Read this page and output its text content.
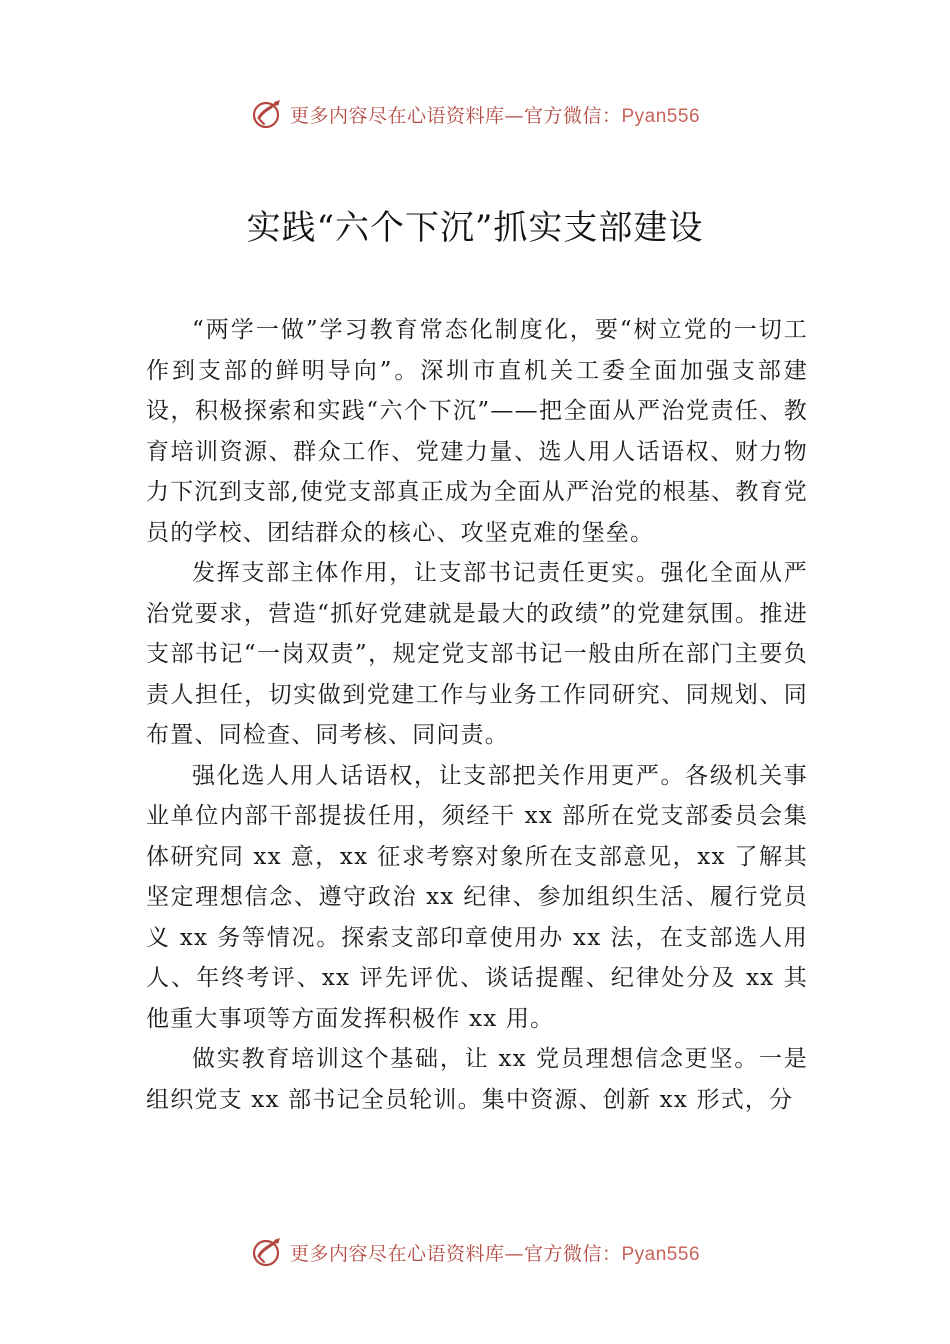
更多内容尽在心语资料库—官方微信：Pyan556
实践“六个下沉”抓实支部建设

“两学一做”学习教育常态化制度化，要“树立党的一切工作到支部的鲜明导向”。深圳市直机关工委全面加强支部建设，积极探索和实践“六个下沉”——把全面从严治党责任、教育培训资源、群众工作、党建力量、选人用人话语权、财力物力下沉到支部,使党支部真正成为全面从严治党的根基、教育党员的学校、团结群众的核心、攻坚克难的堡垒。

发挥支部主体作用，让支部书记责任更实。强化全面从严治党要求，营造“抓好党建就是最大的政绩”的党建氛围。推进支部书记“一岗双责”，规定党支部书记一般由所在部门主要负责人担任，切实做到党建工作与业务工作同研究、同规划、同布置、同检查、同考核、同问责。

强化选人用人话语权，让支部把关作用更严。各级机关事业单位内部干部提拔任用，须经干 xx 部所在党支部委员会集体研究同 xx 意，xx 征求考察对象所在支部意见，xx 了解其坚定理想信念、遵守政治 xx 纪律、参加组织生活、履行党员义 xx 务等情况。探索支部印章使用办 xx 法，在支部选人用人、年终考评、xx 评先评优、谈话提醒、纪律处分及 xx 其他重大事项等方面发挥积极作 xx 用。

做实教育培训这个基础，让 xx 党员理想信念更坚。一是组织党支 xx 部书记全员轮训。集中资源、创新 xx 形式，分

更多内容尽在心语资料库—官方微信：Pyan556
